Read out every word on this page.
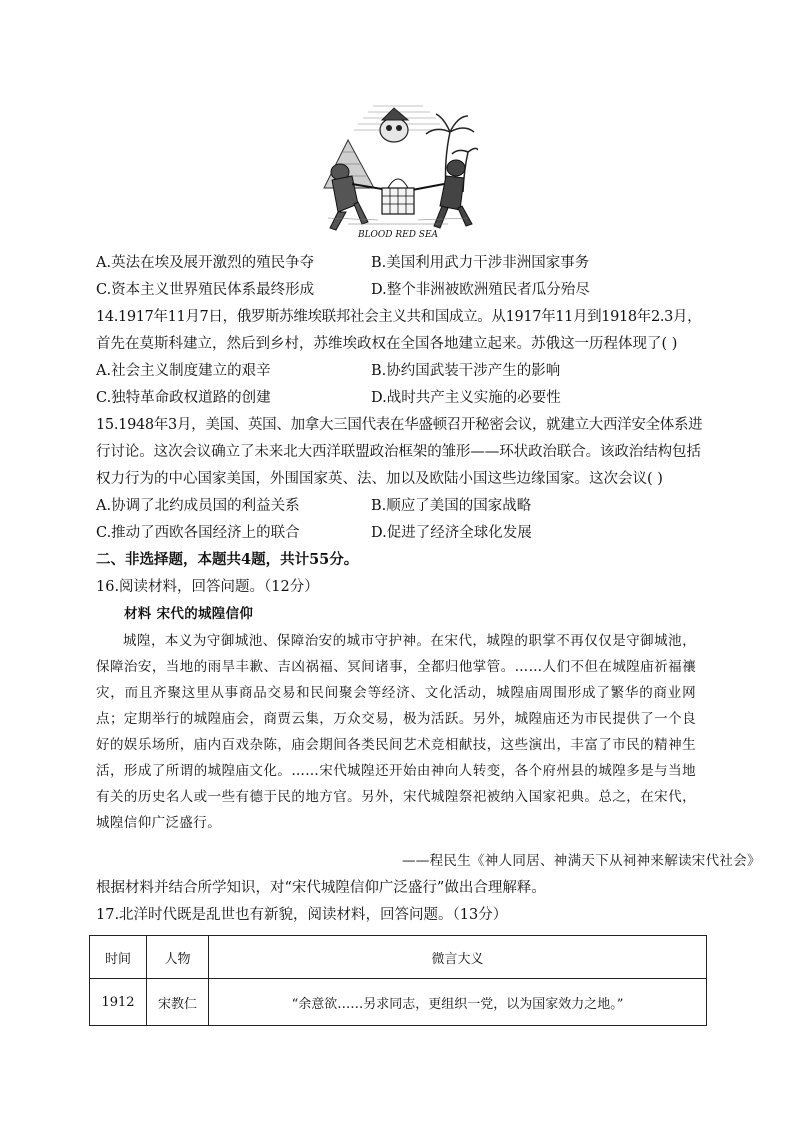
BLOOD RED SEA
A.英法在埃及展开激烈的殖民争夺	B.美国利用武力干涉非洲国家事务
C.资本主义世界殖民体系最终形成	D.整个非洲被欧洲殖民者瓜分殆尽
14.1917年11月7日，俄罗斯苏维埃联邦社会主义共和国成立。从1917年11月到1918年2.3月，
首先在莫斯科建立，然后到乡村，苏维埃政权在全国各地建立起来。苏俄这一历程体现了( )
A.社会主义制度建立的艰辛	B.协约国武装干涉产生的影响
C.独特革命政权道路的创建	D.战时共产主义实施的必要性
15.1948年3月，美国、英国、加拿大三国代表在华盛顿召开秘密会议，就建立大西洋安全体系进
行讨论。这次会议确立了未来北大西洋联盟政治框架的雏形——环状政治联合。该政治结构包括
权力行为的中心国家美国，外围国家英、法、加以及欧陆小国这些边缘国家。这次会议( )
A.协调了北约成员国的利益关系	B.顺应了美国的国家战略
C.推动了西欧各国经济上的联合	D.促进了经济全球化发展
二、非选择题，本题共4题，共计55分。
16.阅读材料，回答问题。（12分）
材料 宋代的城隍信仰
城隍，本义为守御城池、保障治安的城市守护神。在宋代，城隍的职掌不再仅仅是守御城池，保障治安，当地的雨旱丰歉、吉凶祸福、冥间诸事，全都归他掌管。……人们不但在城隍庙祈福禳灾，而且齐聚这里从事商品交易和民间聚会等经济、文化活动，城隍庙周围形成了繁华的商业网点；定期举行的城隍庙会，商贾云集，万众交易，极为活跃。另外，城隍庙还为市民提供了一个良好的娱乐场所，庙内百戏杂陈，庙会期间各类民间艺术竞相献技，这些演出，丰富了市民的精神生活，形成了所谓的城隍庙文化。……宋代城隍还开始由神向人转变，各个府州县的城隍多是与当地有关的历史名人或一些有德于民的地方官。另外，宋代城隍祭祀被纳入国家祀典。总之，在宋代，城隍信仰广泛盛行。
——程民生《神人同居、神满天下从祠神来解读宋代社会》
根据材料并结合所学知识，对“宋代城隍信仰广泛盛行”做出合理解释。
17.北洋时代既是乱世也有新貌，阅读材料，回答问题。（13分）
时间	人物	微言大义
1912	宋教仁	“余意欲……另求同志，更组织一党，以为国家效力之地。”
